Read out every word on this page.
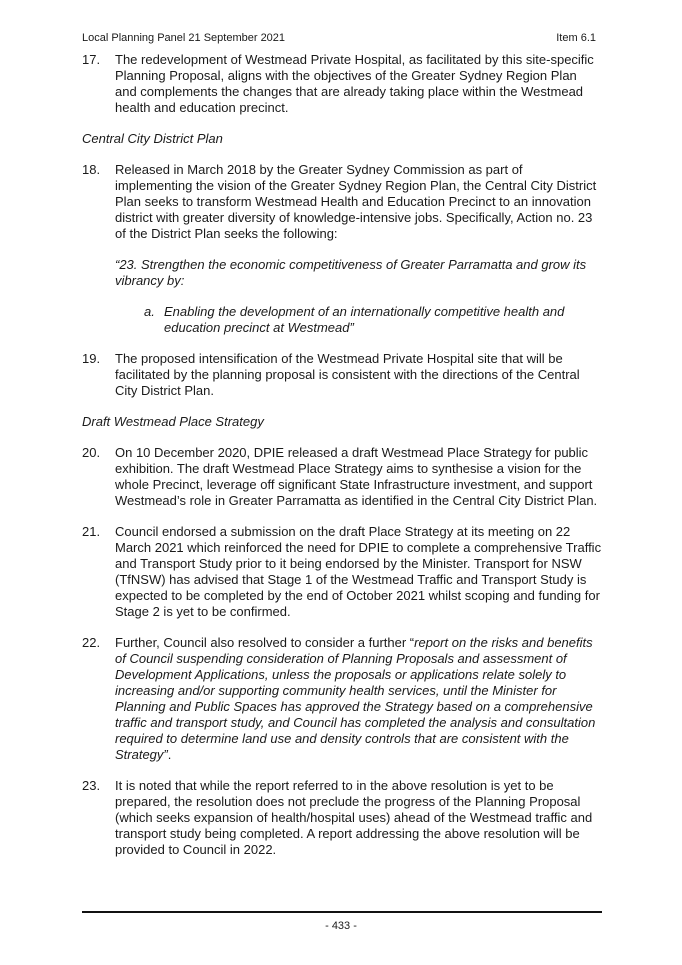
Local Planning Panel 21 September 2021	Item 6.1
17.	The redevelopment of Westmead Private Hospital, as facilitated by this site-specific Planning Proposal, aligns with the objectives of the Greater Sydney Region Plan and complements the changes that are already taking place within the Westmead health and education precinct.
Central City District Plan
18.	Released in March 2018 by the Greater Sydney Commission as part of implementing the vision of the Greater Sydney Region Plan, the Central City District Plan seeks to transform Westmead Health and Education Precinct to an innovation district with greater diversity of knowledge-intensive jobs. Specifically, Action no. 23 of the District Plan seeks the following:
“23. Strengthen the economic competitiveness of Greater Parramatta and grow its vibrancy by:
a. Enabling the development of an internationally competitive health and education precinct at Westmead”
19.	The proposed intensification of the Westmead Private Hospital site that will be facilitated by the planning proposal is consistent with the directions of the Central City District Plan.
Draft Westmead Place Strategy
20.	On 10 December 2020, DPIE released a draft Westmead Place Strategy for public exhibition. The draft Westmead Place Strategy aims to synthesise a vision for the whole Precinct, leverage off significant State Infrastructure investment, and support Westmead’s role in Greater Parramatta as identified in the Central City District Plan.
21.	Council endorsed a submission on the draft Place Strategy at its meeting on 22 March 2021 which reinforced the need for DPIE to complete a comprehensive Traffic and Transport Study prior to it being endorsed by the Minister. Transport for NSW (TfNSW) has advised that Stage 1 of the Westmead Traffic and Transport Study is expected to be completed by the end of October 2021 whilst scoping and funding for Stage 2 is yet to be confirmed.
22.	Further, Council also resolved to consider a further “report on the risks and benefits of Council suspending consideration of Planning Proposals and assessment of Development Applications, unless the proposals or applications relate solely to increasing and/or supporting community health services, until the Minister for Planning and Public Spaces has approved the Strategy based on a comprehensive traffic and transport study, and Council has completed the analysis and consultation required to determine land use and density controls that are consistent with the Strategy”.
23.	It is noted that while the report referred to in the above resolution is yet to be prepared, the resolution does not preclude the progress of the Planning Proposal (which seeks expansion of health/hospital uses) ahead of the Westmead traffic and transport study being completed. A report addressing the above resolution will be provided to Council in 2022.
- 433 -
